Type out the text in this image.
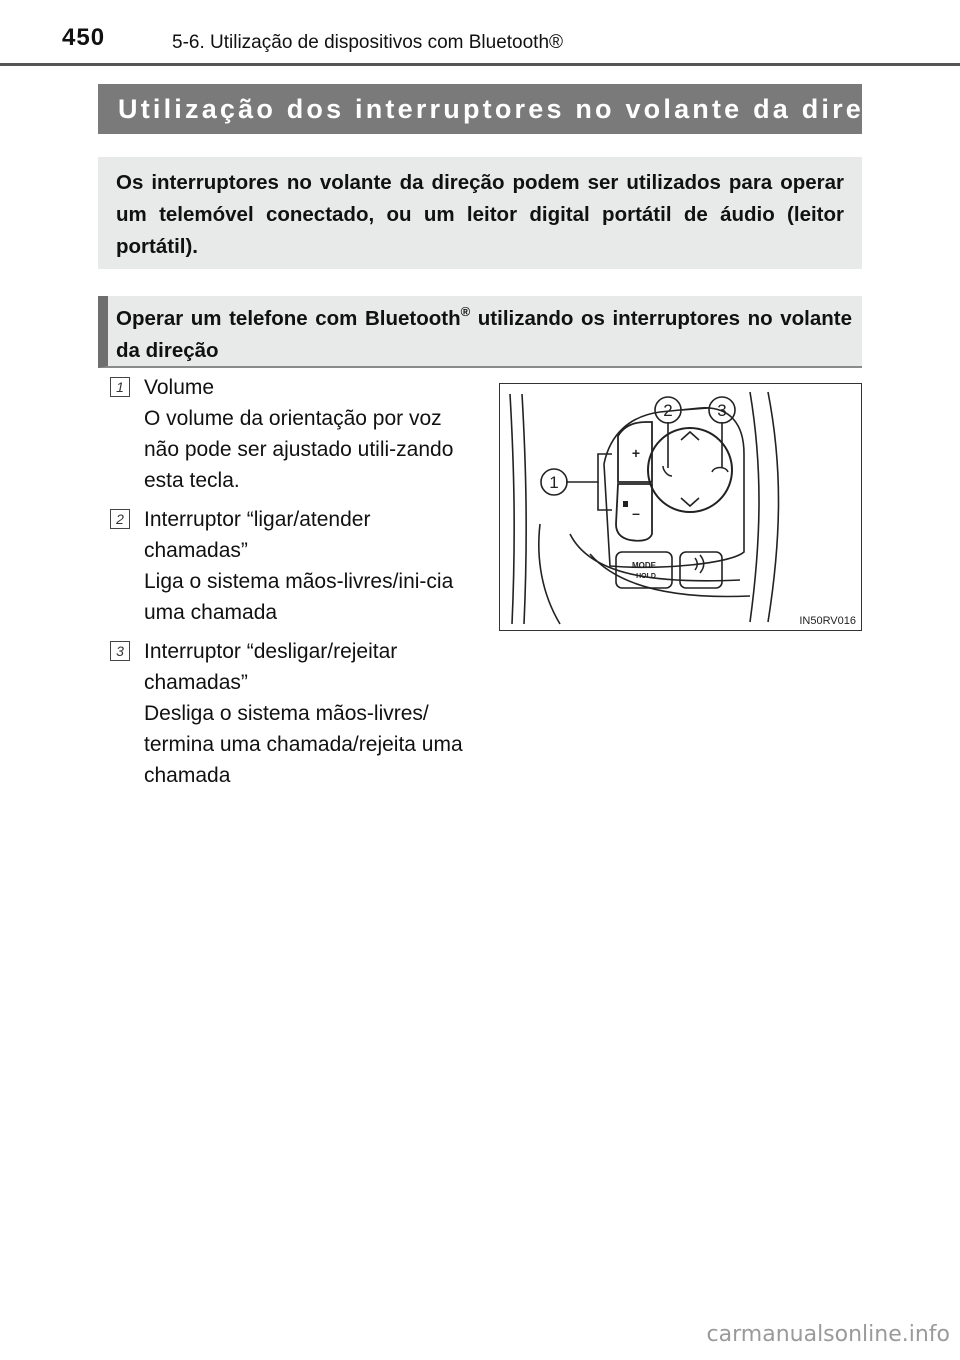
450	5-6. Utilização de dispositivos com Bluetooth®
Utilização dos interruptores no volante da direção
Os interruptores no volante da direção podem ser utilizados para operar um telemóvel conectado, ou um leitor digital portátil de áudio (leitor portátil).
Operar um telefone com Bluetooth® utilizando os interruptores no volante da direção
1 Volume
O volume da orientação por voz não pode ser ajustado utili-zando esta tecla.
2 Interruptor “ligar/atender chamadas”
Liga o sistema mãos-livres/ini-cia uma chamada
3 Interruptor “desligar/rejeitar chamadas”
Desliga o sistema mãos-livres/ termina uma chamada/rejeita uma chamada
1
2	3
+
–
MODE
HOLD
IN50RV016
carmanualsonline.info
